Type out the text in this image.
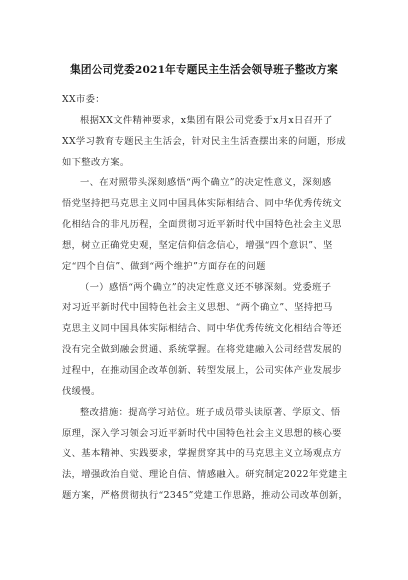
集团公司党委2021年专题民主生活会领导班子整改方案
XX市委：
根据XX文件精神要求，x集团有限公司党委于x月x日召开了
XX学习教育专题民主生活会，针对民主生活查摆出来的问题，形成
如下整改方案。
一、在对照带头深刻感悟“两个确立”的决定性意义，深刻感
悟党坚持把马克思主义同中国具体实际相结合、同中华优秀传统文
化相结合的非凡历程，全面贯彻习近平新时代中国特色社会主义思
想，树立正确党史观，坚定信仰信念信心，增强“四个意识”、坚
定“四个自信”、做到“两个维护”方面存在的问题
（一）感悟“两个确立”的决定性意义还不够深刻。党委班子
对习近平新时代中国特色社会主义思想、“两个确立”、坚持把马
克思主义同中国具体实际相结合、同中华优秀传统文化相结合等还
没有完全做到融会贯通、系统掌握。在将党建融入公司经营发展的
过程中，在推动国企改革创新、转型发展上，公司实体产业发展步
伐缓慢。
整改措施：提高学习站位。班子成员带头读原著、学原文、悟
原理，深入学习领会习近平新时代中国特色社会主义思想的核心要
义、基本精神、实践要求，掌握贯穿其中的马克思主义立场观点方
法，增强政治自觉、理论自信、情感融入。研究制定2022年党建主
题方案，严格贯彻执行“2345”党建工作思路，推动公司改革创新，
